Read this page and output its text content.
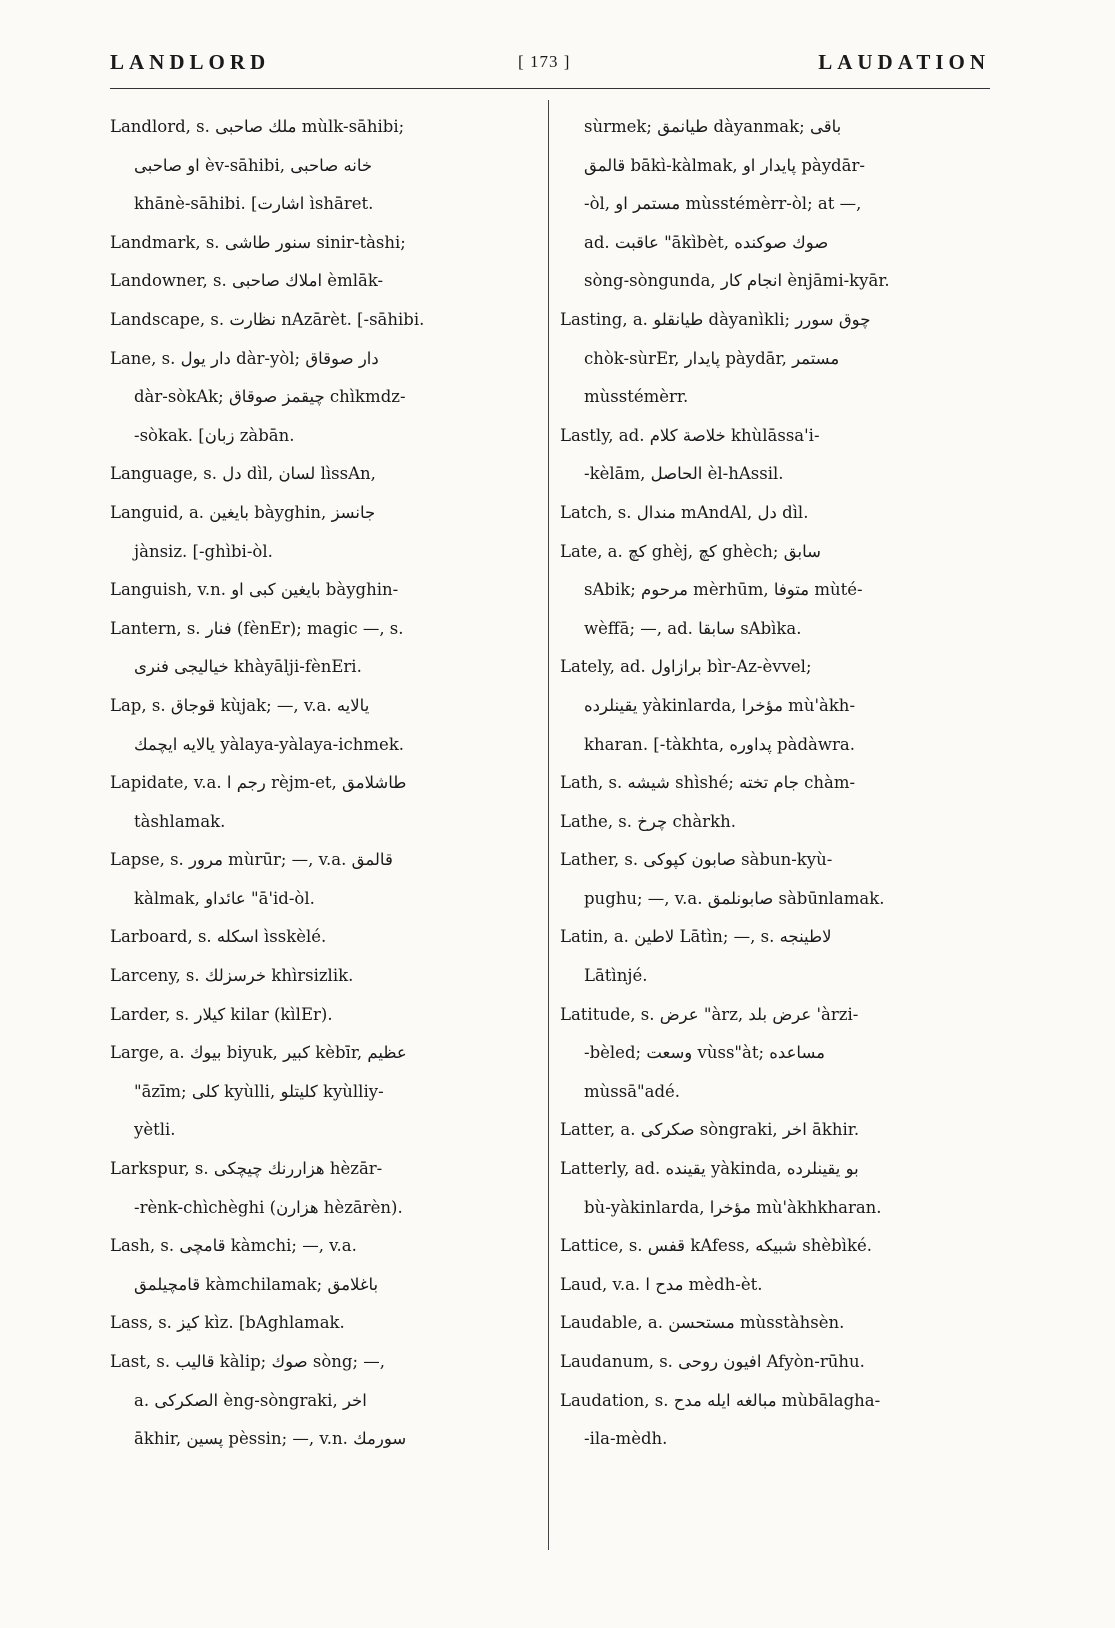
LANDLORD	[ 173 ]	LAUDATION
Landlord, s. ملك صاحبى mùlk-sāhibi;
او صاحبى èv-sāhibi, خانه صاحبى
khānè-sāhibi. [اشارت ìshāret.
Landmark, s. سنور طاشى sinir-tàshi;
Landowner, s. املاك صاحبى èmlāk-
Landscape, s. نظارت nAzārèt. [-sāhibi.
Lane, s. دار يول dàr-yòl; دار صوقاق
dàr-sòkAk; چيقمز صوقاق chìkmdz-
-sòkak. [زبان zàbān.
Language, s. دل dìl, لسان lìssAn,
Languid, a. بايغين bàyghin, جانسز
jànsiz. [-ghìbi-òl.
Languish, v.n. بايغين كبى او bàyghin-
Lantern, s. فنار (fènEr); magic —, s.
خياليجى فنرى khàyālji-fènEri.
Lap, s. قوجاق kùjak; —, v.a. يالايه
يالايه ايچمك yàlaya-yàlaya-ichmek.
Lapidate, v.a. رجم ا rèjm-et, طاشلامق
tàshlamak.
Lapse, s. مرور mùrūr; —, v.a. قالمق
kàlmak, عائداو "ā'id-òl.
Larboard, s. اسكله ìsskèlé.
Larceny, s. خرسزلك khìrsizlik.
Larder, s. كيلار kilar (kìlEr).
Large, a. بيوك biyuk, كبير kèbīr, عظيم
"āzīm; كلى kyùlli, كليتلو kyùlliy-
yètli.
Larkspur, s. هزاررنك چيچكى hèzār-
-rènk-chìchèghi (هزارن hèzārèn).
Lash, s. قامچى kàmchi; —, v.a.
قامچيلمق kàmchilamak; باغلامق
Lass, s. كيز kìz. [bAghlamak.
Last, s. قاليب kàlip; صوك sòng; —,
a. الصكركى èng-sòngraki, اخر
ākhir, پسين pèssin; —, v.n. سورمك
sùrmek; طيانمق dàyanmak; باقى
قالمق bākì-kàlmak, پايدار او pàydār-
-òl, مستمر او mùsstémèrr-òl; at —,
ad. عاقبت "ākìbèt, صوك صوكنده
sòng-sòngunda, انجام كار ènjāmi-kyār.
Lasting, a. طيانقلو dàyanìkli; چوق سورر
chòk-sùrEr, پايدار pàydār, مستمر
mùsstémèrr.
Lastly, ad. خلاصة كلام khùlāssa'i-
-kèlām, الحاصل èl-hAssil.
Latch, s. مندال mAndAl, دل dìl.
Late, a. كچ ghèj, كچ ghèch; سابق
sAbik; مرحوم mèrhūm, متوفا mùté-
wèffā; —, ad. سابقا sAbìka.
Lately, ad. برازاول bìr-Az-èvvel;
يقينلرده yàkinlarda, مؤخرا mù'àkh-
kharan. [-tàkhta, پداوره pàdàwra.
Lath, s. شيشه shìshé; جام تخته chàm-
Lathe, s. چرخ chàrkh.
Lather, s. صابون كپوكى sàbun-kyù-
pughu; —, v.a. صابونلمق sàbūnlamak.
Latin, a. لاطين Lātìn; —, s. لاطينجه
Lātìnjé.
Latitude, s. عرض "àrz, عرض بلد 'àrzi-
-bèled; وسعت vùss"àt; مساعده
mùssā"adé.
Latter, a. صكركى sòngraki, اخر ākhir.
Latterly, ad. يقينده yàkinda, بو يقينلرده
bù-yàkinlarda, مؤخرا mù'àkhkharan.
Lattice, s. قفس kAfess, شبيكه shèbìké.
Laud, v.a. مدح ا mèdh-èt.
Laudable, a. مستحسن mùsstàhsèn.
Laudanum, s. افيون روحى Afyòn-rūhu.
Laudation, s. مبالغه ايله مدح mùbālagha-
-ila-mèdh.
